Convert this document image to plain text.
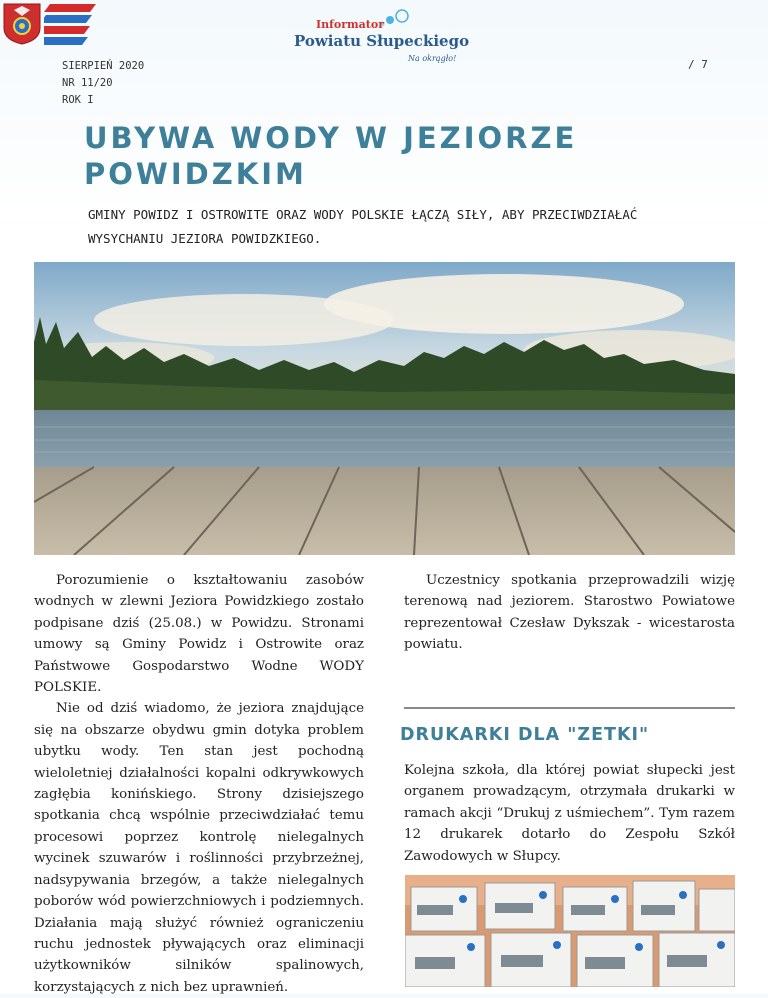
Informator
Powiatu Słupeckiego
Na okrągło!
SIERPIEŃ 2020
NR 11/20
ROK I
/ 7
UBYWA WODY W JEZIORZE POWIDZKIM

GMINY POWIDZ I OSTROWITE ORAZ WODY POLSKIE ŁĄCZĄ SIŁY, ABY PRZECIWDZIAŁAĆ WYSYCHANIU JEZIORA POWIDZKIEGO.

Porozumienie o kształtowaniu zasobów wodnych w zlewni Jeziora Powidzkiego zostało podpisane dziś (25.08.) w Powidzu. Stronami umowy są Gminy Powidz i Ostrowite oraz Państwowe Gospodarstwo Wodne WODY POLSKIE.

Nie od dziś wiadomo, że jeziora znajdujące się na obszarze obydwu gmin dotyka problem ubytku wody. Ten stan jest pochodną wieloletniej działalności kopalni odkrywkowych zagłębia konińskiego. Strony dzisiejszego spotkania chcą wspólnie przeciwdziałać temu procesowi poprzez kontrolę nielegalnych wycinek szuwarów i roślinności przybrzeżnej, nadsypywania brzegów, a także nielegalnych poborów wód powierzchniowych i podziemnych. Działania mają służyć również ograniczeniu ruchu jednostek pływających oraz eliminacji użytkowników silników spalinowych, korzystających z nich bez uprawnień.

Uczestnicy spotkania przeprowadzili wizję terenową nad jeziorem. Starostwo Powiatowe reprezentował Czesław Dykszak - wicestarosta powiatu.

DRUKARKI DLA "ZETKI"

Kolejna szkoła, dla której powiat słupecki jest organem prowadzącym, otrzymała drukarki w ramach akcji “Drukuj z uśmiechem”. Tym razem 12 drukarek dotarło do Zespołu Szkół Zawodowych w Słupcy.
